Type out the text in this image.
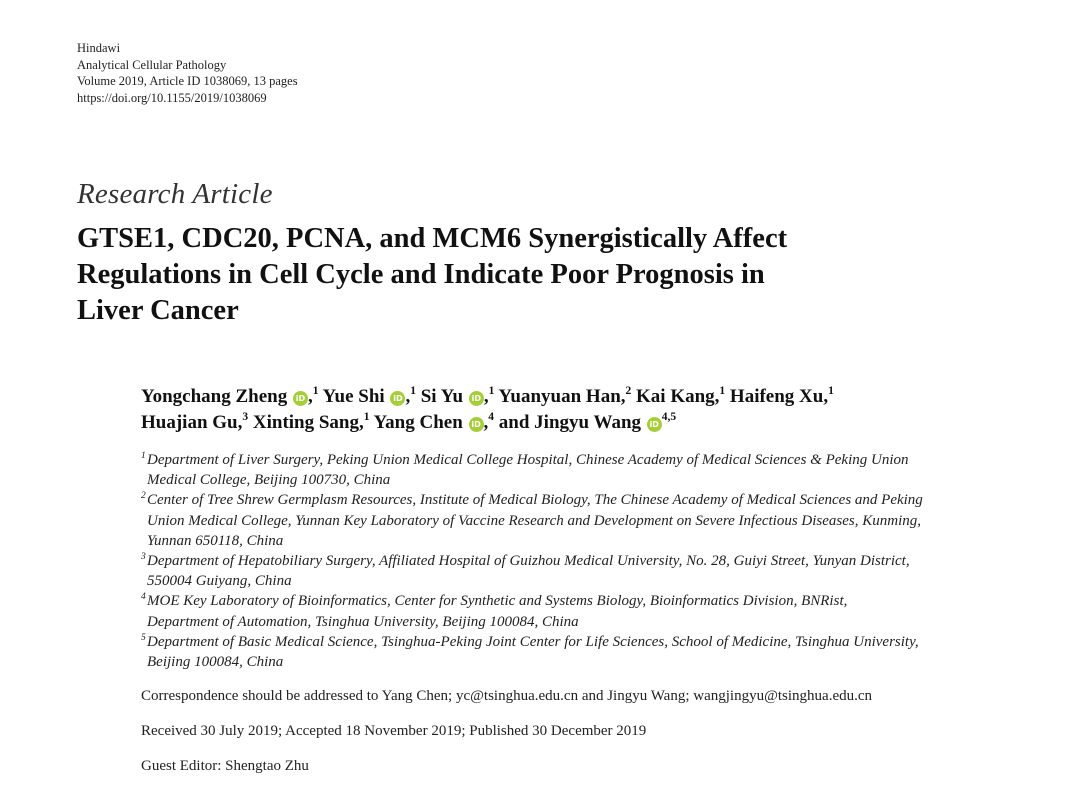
Hindawi
Analytical Cellular Pathology
Volume 2019, Article ID 1038069, 13 pages
https://doi.org/10.1155/2019/1038069
Research Article
GTSE1, CDC20, PCNA, and MCM6 Synergistically Affect
Regulations in Cell Cycle and Indicate Poor Prognosis in
Liver Cancer
Yongchang Zheng iD ,$^1$ Yue Shi iD ,$^1$ Si Yu iD ,$^1$ Yuanyuan Han,$^2$ Kai Kang,$^1$ Haifeng Xu,$^1$
Huajian Gu,$^3$ Xinting Sang,$^1$ Yang Chen iD ,$^4$ and Jingyu Wang iD$^{4,5}$
1 Department of Liver Surgery, Peking Union Medical College Hospital, Chinese Academy of Medical Sciences & Peking Union
Medical College, Beijing 100730, China
2 Center of Tree Shrew Germplasm Resources, Institute of Medical Biology, The Chinese Academy of Medical Sciences and Peking
Union Medical College, Yunnan Key Laboratory of Vaccine Research and Development on Severe Infectious Diseases, Kunming,
Yunnan 650118, China
3 Department of Hepatobiliary Surgery, Affiliated Hospital of Guizhou Medical University, No. 28, Guiyi Street, Yunyan District,
550004 Guiyang, China
4 MOE Key Laboratory of Bioinformatics, Center for Synthetic and Systems Biology, Bioinformatics Division, BNRist,
Department of Automation, Tsinghua University, Beijing 100084, China
5 Department of Basic Medical Science, Tsinghua-Peking Joint Center for Life Sciences, School of Medicine, Tsinghua University,
Beijing 100084, China
Correspondence should be addressed to Yang Chen; yc@tsinghua.edu.cn and Jingyu Wang; wangjingyu@tsinghua.edu.cn
Received 30 July 2019; Accepted 18 November 2019; Published 30 December 2019
Guest Editor: Shengtao Zhu
